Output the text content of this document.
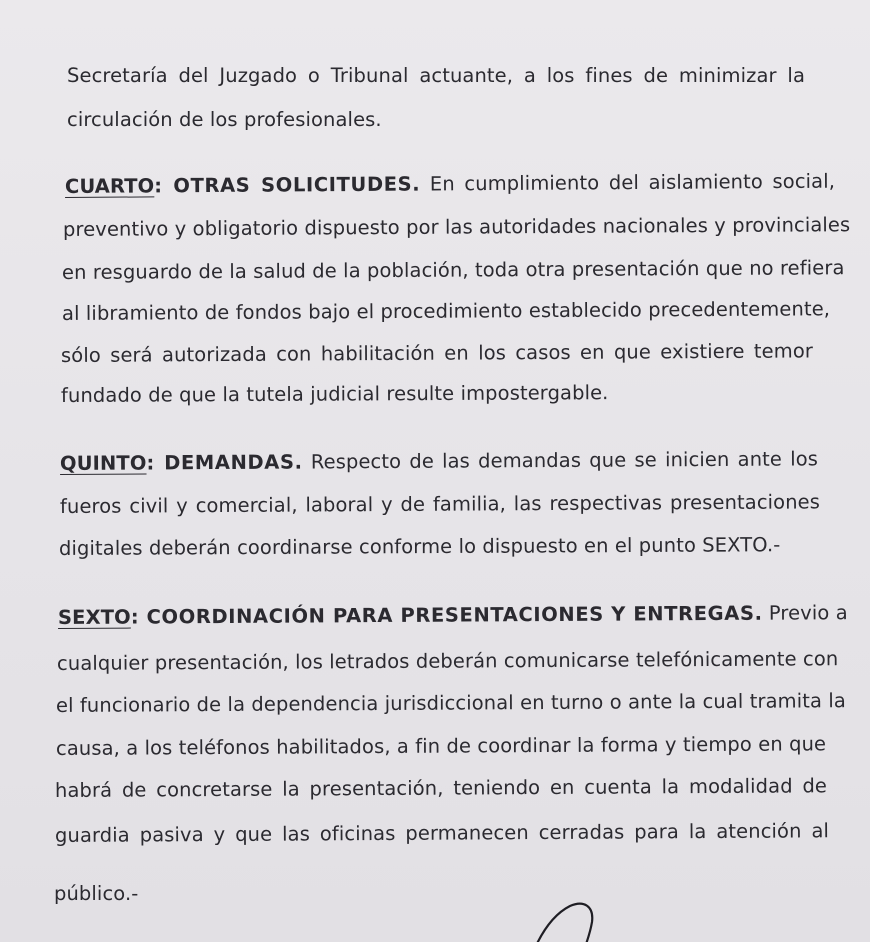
Secretaría del Juzgado o Tribunal actuante, a los fines de minimizar la
circulación de los profesionales.
CUARTO: OTRAS SOLICITUDES. En cumplimiento del aislamiento social,
preventivo y obligatorio dispuesto por las autoridades nacionales y provinciales
en resguardo de la salud de la población, toda otra presentación que no refiera
al libramiento de fondos bajo el procedimiento establecido precedentemente,
sólo será autorizada con habilitación en los casos en que existiere temor
fundado de que la tutela judicial resulte impostergable.
QUINTO: DEMANDAS. Respecto de las demandas que se inicien ante los
fueros civil y comercial, laboral y de familia, las respectivas presentaciones
digitales deberán coordinarse conforme lo dispuesto en el punto SEXTO.-
SEXTO: COORDINACIÓN PARA PRESENTACIONES Y ENTREGAS. Previo a
cualquier presentación, los letrados deberán comunicarse telefónicamente con
el funcionario de la dependencia jurisdiccional en turno o ante la cual tramita la
causa, a los teléfonos habilitados, a fin de coordinar la forma y tiempo en que
habrá de concretarse la presentación, teniendo en cuenta la modalidad de
guardia pasiva y que las oficinas permanecen cerradas para la atención al
público.-
